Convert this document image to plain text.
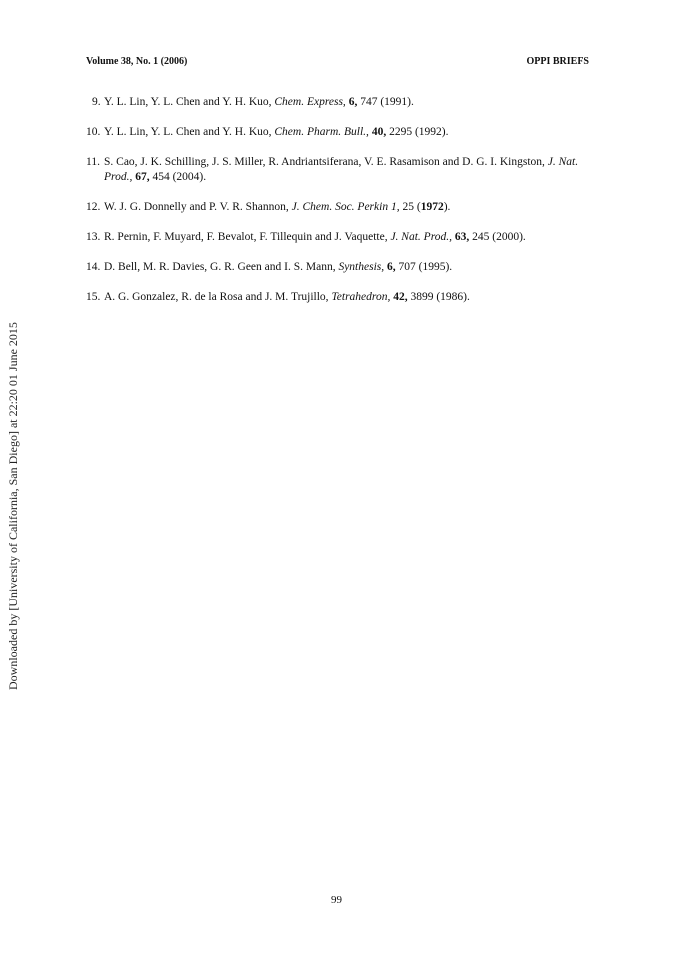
Volume 38, No. 1 (2006)	OPPI BRIEFS
9. Y. L. Lin, Y. L. Chen and Y. H. Kuo, Chem. Express, 6, 747 (1991).
10. Y. L. Lin, Y. L. Chen and Y. H. Kuo, Chem. Pharm. Bull., 40, 2295 (1992).
11. S. Cao, J. K. Schilling, J. S. Miller, R. Andriantsiferana, V. E. Rasamison and D. G. I. Kingston, J. Nat. Prod., 67, 454 (2004).
12. W. J. G. Donnelly and P. V. R. Shannon, J. Chem. Soc. Perkin 1, 25 (1972).
13. R. Pernin, F. Muyard, F. Bevalot, F. Tillequin and J. Vaquette, J. Nat. Prod., 63, 245 (2000).
14. D. Bell, M. R. Davies, G. R. Geen and I. S. Mann, Synthesis, 6, 707 (1995).
15. A. G. Gonzalez, R. de la Rosa and J. M. Trujillo, Tetrahedron, 42, 3899 (1986).
Downloaded by [University of California, San Diego] at 22:20 01 June 2015
99
